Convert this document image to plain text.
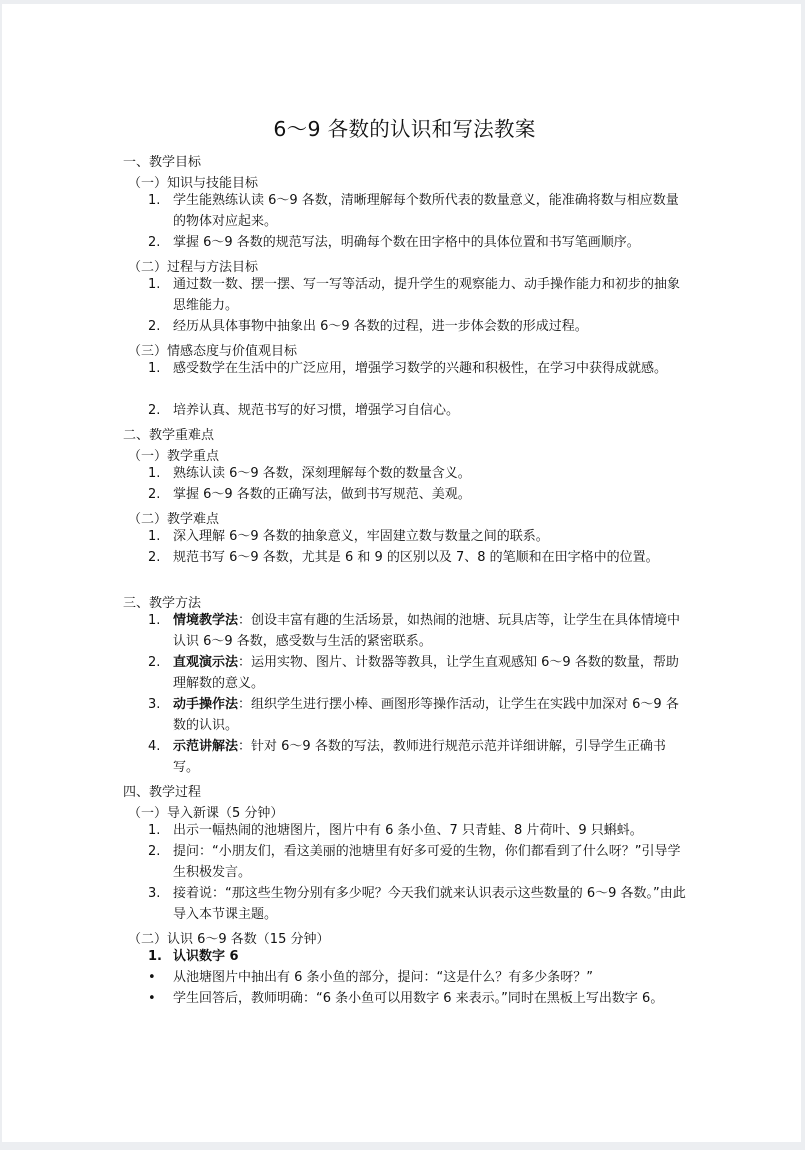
6～9 各数的认识和写法教案
一、教学目标
（一）知识与技能目标
1. 学生能熟练认读 6～9 各数，清晰理解每个数所代表的数量意义，能准确将数与相应数量的物体对应起来。
2. 掌握 6～9 各数的规范写法，明确每个数在田字格中的具体位置和书写笔画顺序。
（二）过程与方法目标
1. 通过数一数、摆一摆、写一写等活动，提升学生的观察能力、动手操作能力和初步的抽象思维能力。
2. 经历从具体事物中抽象出 6～9 各数的过程，进一步体会数的形成过程。
（三）情感态度与价值观目标
1. 感受数学在生活中的广泛应用，增强学习数学的兴趣和积极性，在学习中获得成就感。
2. 培养认真、规范书写的好习惯，增强学习自信心。
二、教学重难点
（一）教学重点
1. 熟练认读 6～9 各数，深刻理解每个数的数量含义。
2. 掌握 6～9 各数的正确写法，做到书写规范、美观。
（二）教学难点
1. 深入理解 6～9 各数的抽象意义，牢固建立数与数量之间的联系。
2. 规范书写 6～9 各数，尤其是 6 和 9 的区别以及 7、8 的笔顺和在田字格中的位置。
三、教学方法
1. 情境教学法：创设丰富有趣的生活场景，如热闹的池塘、玩具店等，让学生在具体情境中认识 6～9 各数，感受数与生活的紧密联系。
2. 直观演示法：运用实物、图片、计数器等教具，让学生直观感知 6～9 各数的数量，帮助理解数的意义。
3. 动手操作法：组织学生进行摆小棒、画图形等操作活动，让学生在实践中加深对 6～9 各数的认识。
4. 示范讲解法：针对 6～9 各数的写法，教师进行规范示范并详细讲解，引导学生正确书写。
四、教学过程
（一）导入新课（5 分钟）
1. 出示一幅热闹的池塘图片，图片中有 6 条小鱼、7 只青蛙、8 片荷叶、9 只蝌蚪。
2. 提问：“小朋友们，看这美丽的池塘里有好多可爱的生物，你们都看到了什么呀？”引导学生积极发言。
3. 接着说：“那这些生物分别有多少呢？今天我们就来认识表示这些数量的 6～9 各数。”由此导入本节课主题。
（二）认识 6～9 各数（15 分钟）
1. 认识数字 6
•	从池塘图片中抽出有 6 条小鱼的部分，提问：“这是什么？有多少条呀？”
•	学生回答后，教师明确：“6 条小鱼可以用数字 6 来表示。”同时在黑板上写出数字 6。
